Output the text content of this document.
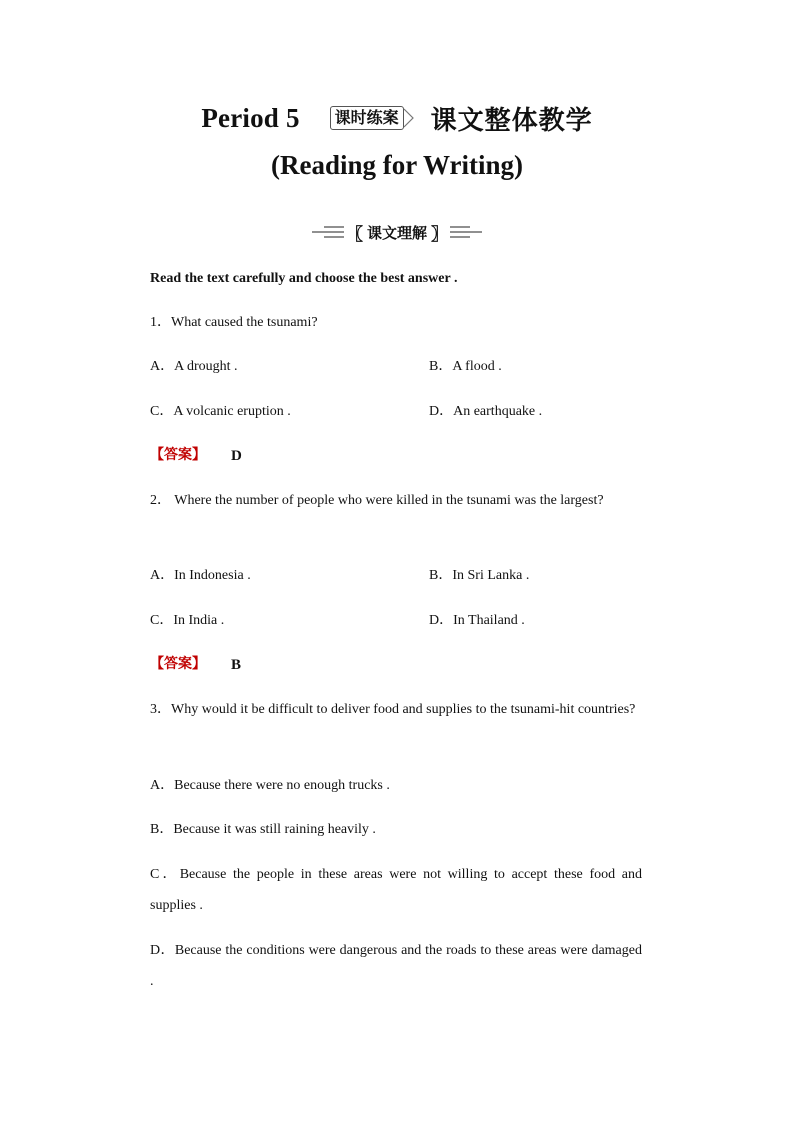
Period 5	课时练案 课文整体教学
(Reading for Writing)
〖 课文理解 〗
Read the text carefully and choose the best answer .
1．What caused the tsunami?
A．A drought .	B．A flood .
C．A volcanic eruption .	D．An earthquake .
【答案】 D
2． Where the number of people who were killed in the tsunami was the largest?
A．In Indonesia .	B．In Sri Lanka .
C．In India .	D．In Thailand .
【答案】 B
3．Why would it be difficult to deliver food and supplies to the tsunami-hit countries?
A．Because there were no enough trucks .
B．Because it was still raining heavily .
C．Because the people in these areas were not willing to accept these food and supplies .
D．Because the conditions were dangerous and the roads to these areas were damaged .
